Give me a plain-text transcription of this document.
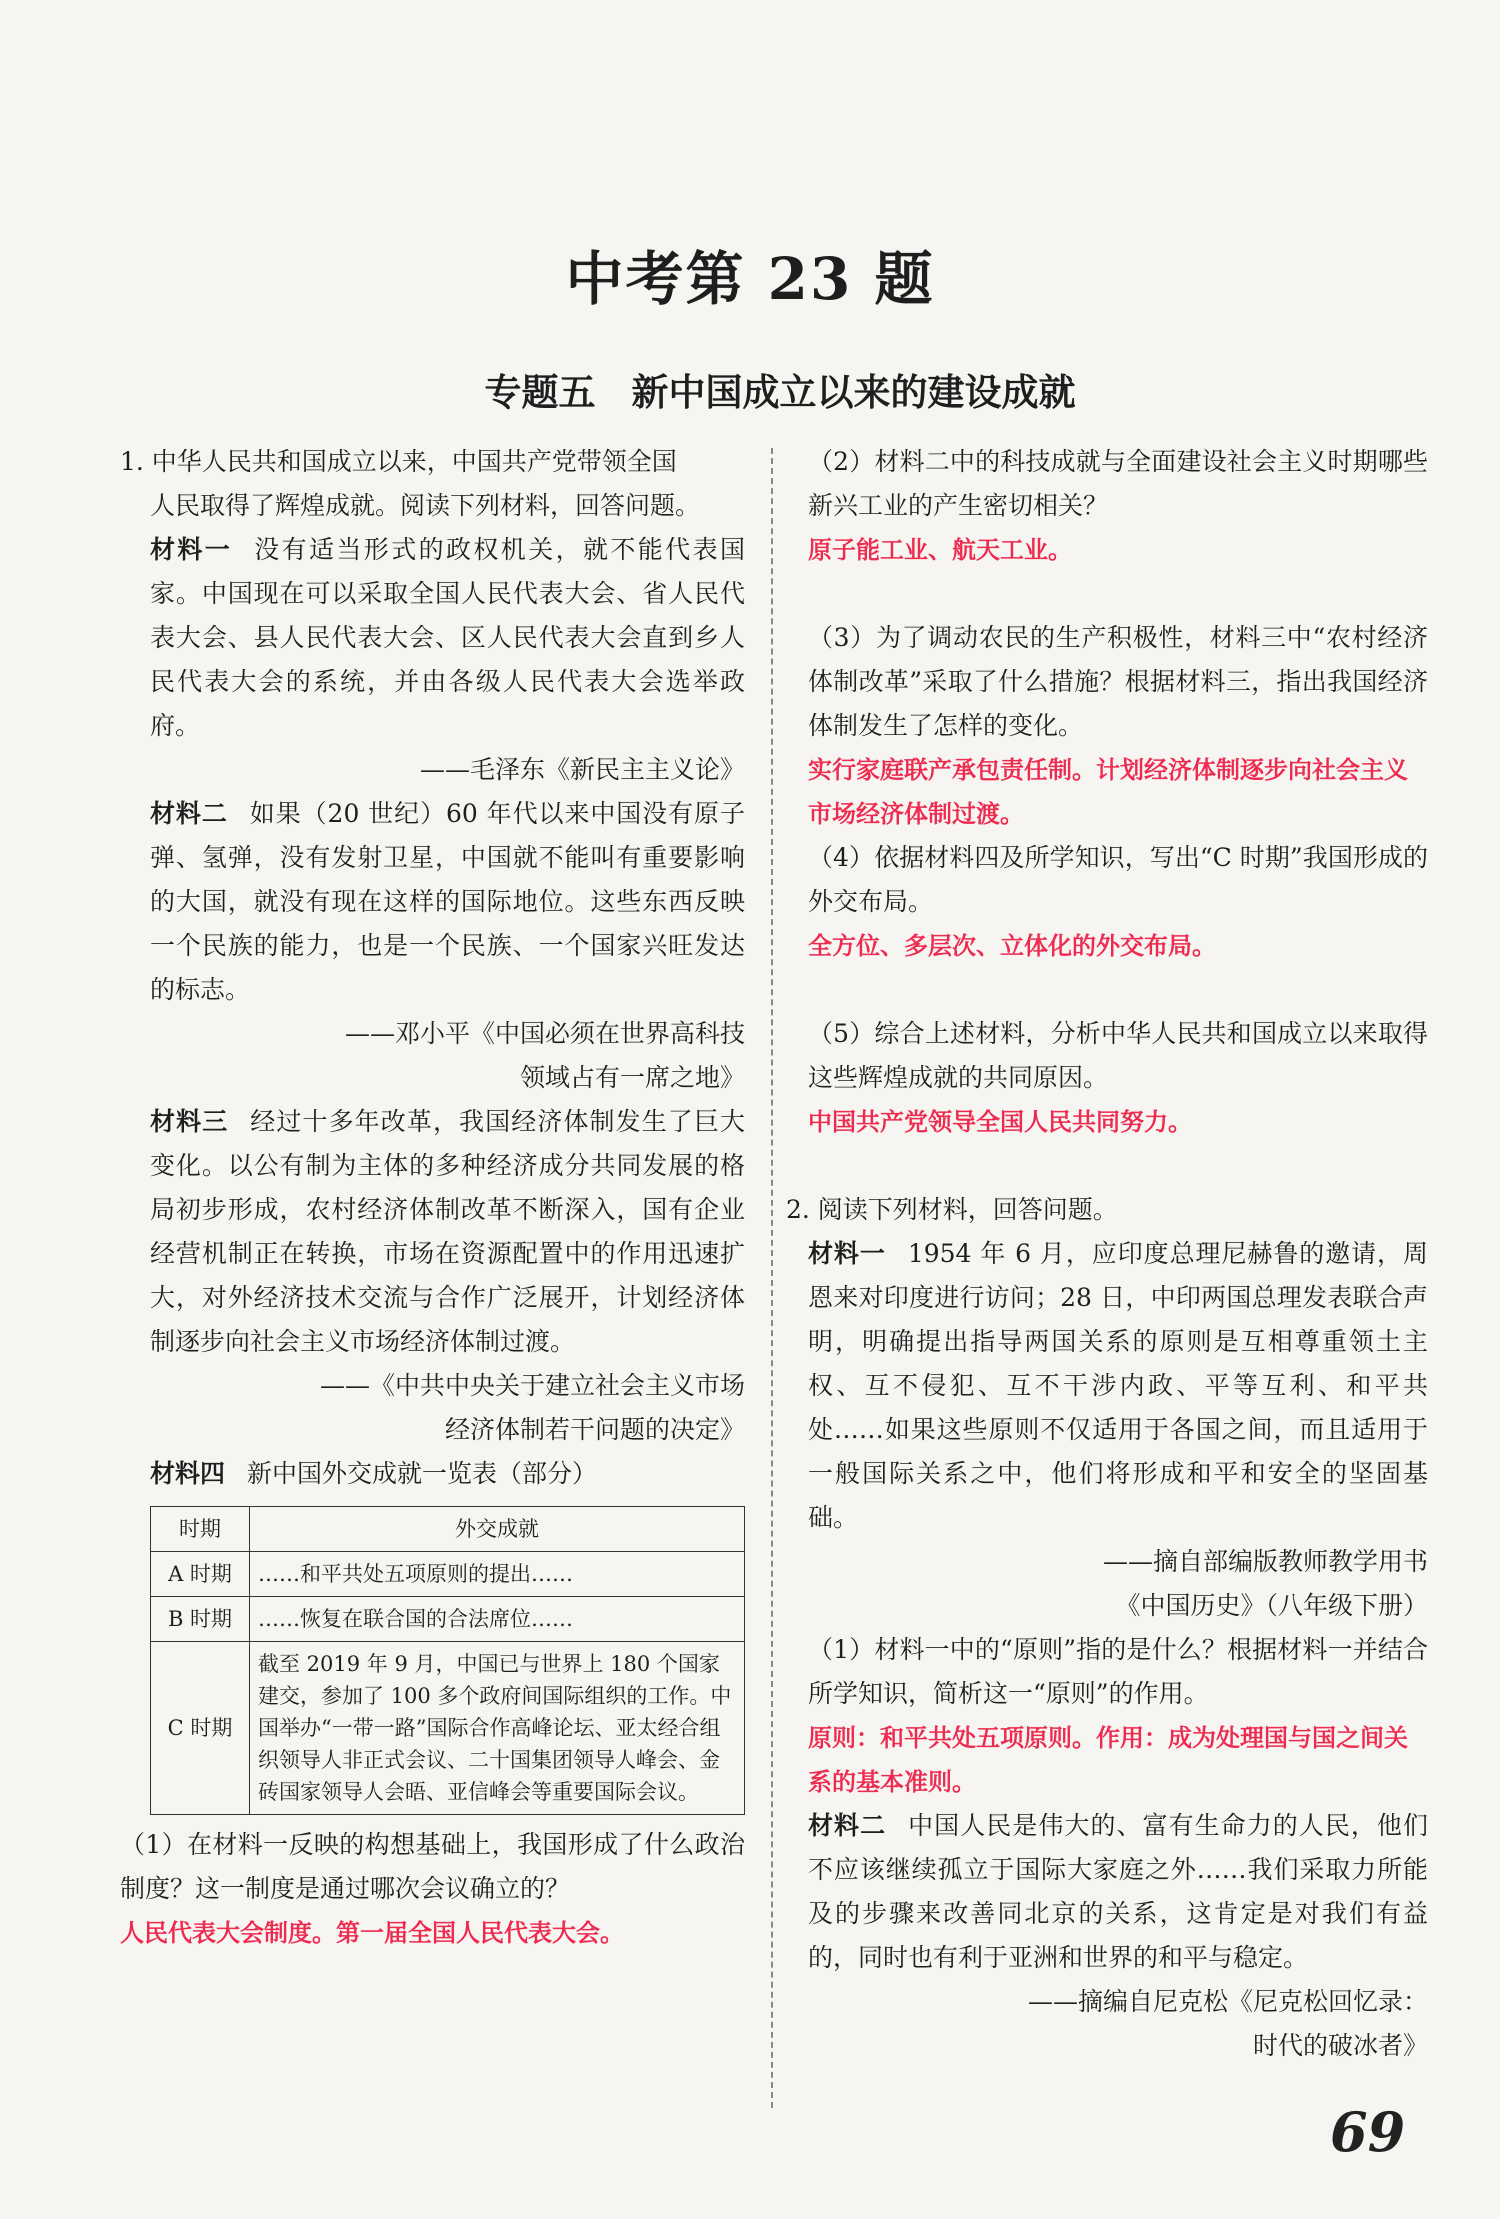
中考第 23 题
专题五 新中国成立以来的建设成就

1. 中华人民共和国成立以来，中国共产党带领全国

人民取得了辉煌成就。阅读下列材料，回答问题。

材料一 没有适当形式的政权机关，就不能代表国家。中国现在可以采取全国人民代表大会、省人民代表大会、县人民代表大会、区人民代表大会直到乡人民代表大会的系统，并由各级人民代表大会选举政府。

——毛泽东《新民主主义论》

材料二 如果（20 世纪）60 年代以来中国没有原子弹、氢弹，没有发射卫星，中国就不能叫有重要影响的大国，就没有现在这样的国际地位。这些东西反映一个民族的能力，也是一个民族、一个国家兴旺发达的标志。

——邓小平《中国必须在世界高科技

领域占有一席之地》

材料三 经过十多年改革，我国经济体制发生了巨大变化。以公有制为主体的多种经济成分共同发展的格局初步形成，农村经济体制改革不断深入，国有企业经营机制正在转换，市场在资源配置中的作用迅速扩大，对外经济技术交流与合作广泛展开，计划经济体制逐步向社会主义市场经济体制过渡。

——《中共中央关于建立社会主义市场

经济体制若干问题的决定》

材料四 新中国外交成就一览表（部分）

时期	外交成就
A 时期	……和平共处五项原则的提出……
B 时期	……恢复在联合国的合法席位……
C 时期	截至 2019 年 9 月，中国已与世界上 180 个国家建交，参加了 100 多个政府间国际组织的工作。中国举办“一带一路”国际合作高峰论坛、亚太经合组织领导人非正式会议、二十国集团领导人峰会、金砖国家领导人会晤、亚信峰会等重要国际会议。

（1）在材料一反映的构想基础上，我国形成了什么政治制度？这一制度是通过哪次会议确立的？

人民代表大会制度。第一届全国人民代表大会。

（2）材料二中的科技成就与全面建设社会主义时期哪些新兴工业的产生密切相关？

原子能工业、航天工业。

（3）为了调动农民的生产积极性，材料三中“农村经济体制改革”采取了什么措施？根据材料三，指出我国经济体制发生了怎样的变化。

实行家庭联产承包责任制。计划经济体制逐步向社会主义市场经济体制过渡。

（4）依据材料四及所学知识，写出“C 时期”我国形成的外交布局。

全方位、多层次、立体化的外交布局。

（5）综合上述材料，分析中华人民共和国成立以来取得这些辉煌成就的共同原因。

中国共产党领导全国人民共同努力。

2. 阅读下列材料，回答问题。

材料一 1954 年 6 月，应印度总理尼赫鲁的邀请，周恩来对印度进行访问；28 日，中印两国总理发表联合声明，明确提出指导两国关系的原则是互相尊重领土主权、互不侵犯、互不干涉内政、平等互利、和平共处……如果这些原则不仅适用于各国之间，而且适用于一般国际关系之中，他们将形成和平和安全的坚固基础。

——摘自部编版教师教学用书

《中国历史》（八年级下册）

（1）材料一中的“原则”指的是什么？根据材料一并结合所学知识，简析这一“原则”的作用。

原则：和平共处五项原则。作用：成为处理国与国之间关系的基本准则。

材料二 中国人民是伟大的、富有生命力的人民，他们不应该继续孤立于国际大家庭之外……我们采取力所能及的步骤来改善同北京的关系，这肯定是对我们有益的，同时也有利于亚洲和世界的和平与稳定。

——摘编自尼克松《尼克松回忆录：

时代的破冰者》

69
